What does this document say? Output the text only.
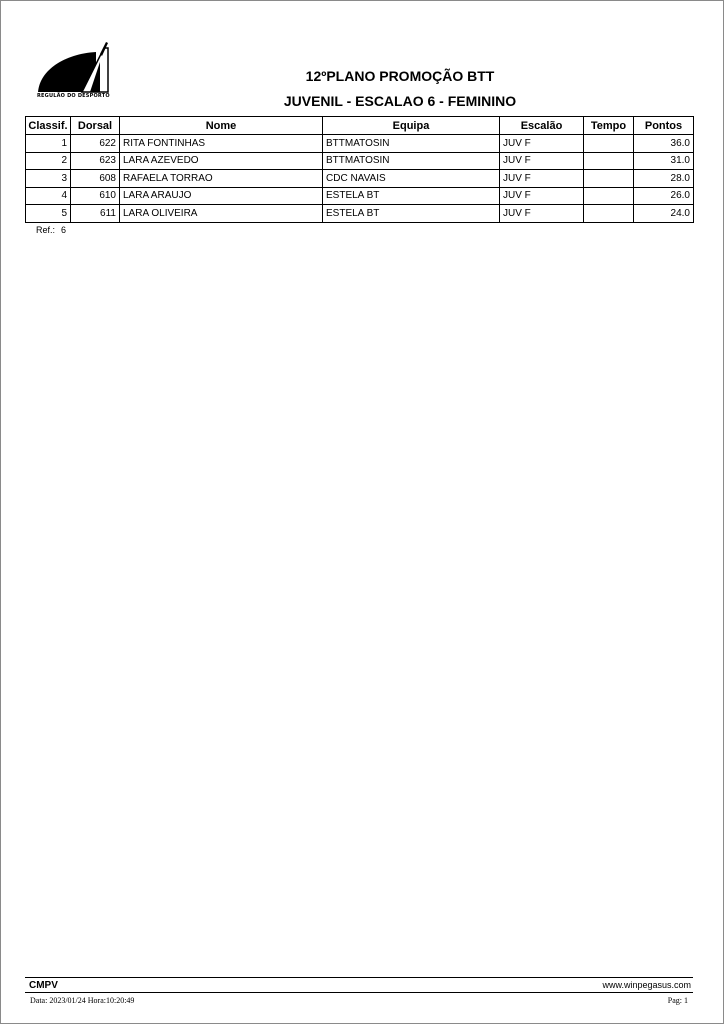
REGULÃO DO DESPORTO
12ºPLANO PROMOÇÃO BTT
JUVENIL - ESCALAO 6 - FEMININO
Classif.	Dorsal	Nome	Equipa	Escalão	Tempo	Pontos
1	622	RITA FONTINHAS	BTTMATOSIN	JUV F		36.0
2	623	LARA AZEVEDO	BTTMATOSIN	JUV F		31.0
3	608	RAFAELA TORRAO	CDC NAVAIS	JUV F		28.0
4	610	LARA ARAUJO	ESTELA BT	JUV F		26.0
5	611	LARA OLIVEIRA	ESTELA BT	JUV F		24.0
Ref.: 6
CMPV	www.winpegasus.com
Data: 2023/01/24 Hora:10:20:49	Pag: 1
